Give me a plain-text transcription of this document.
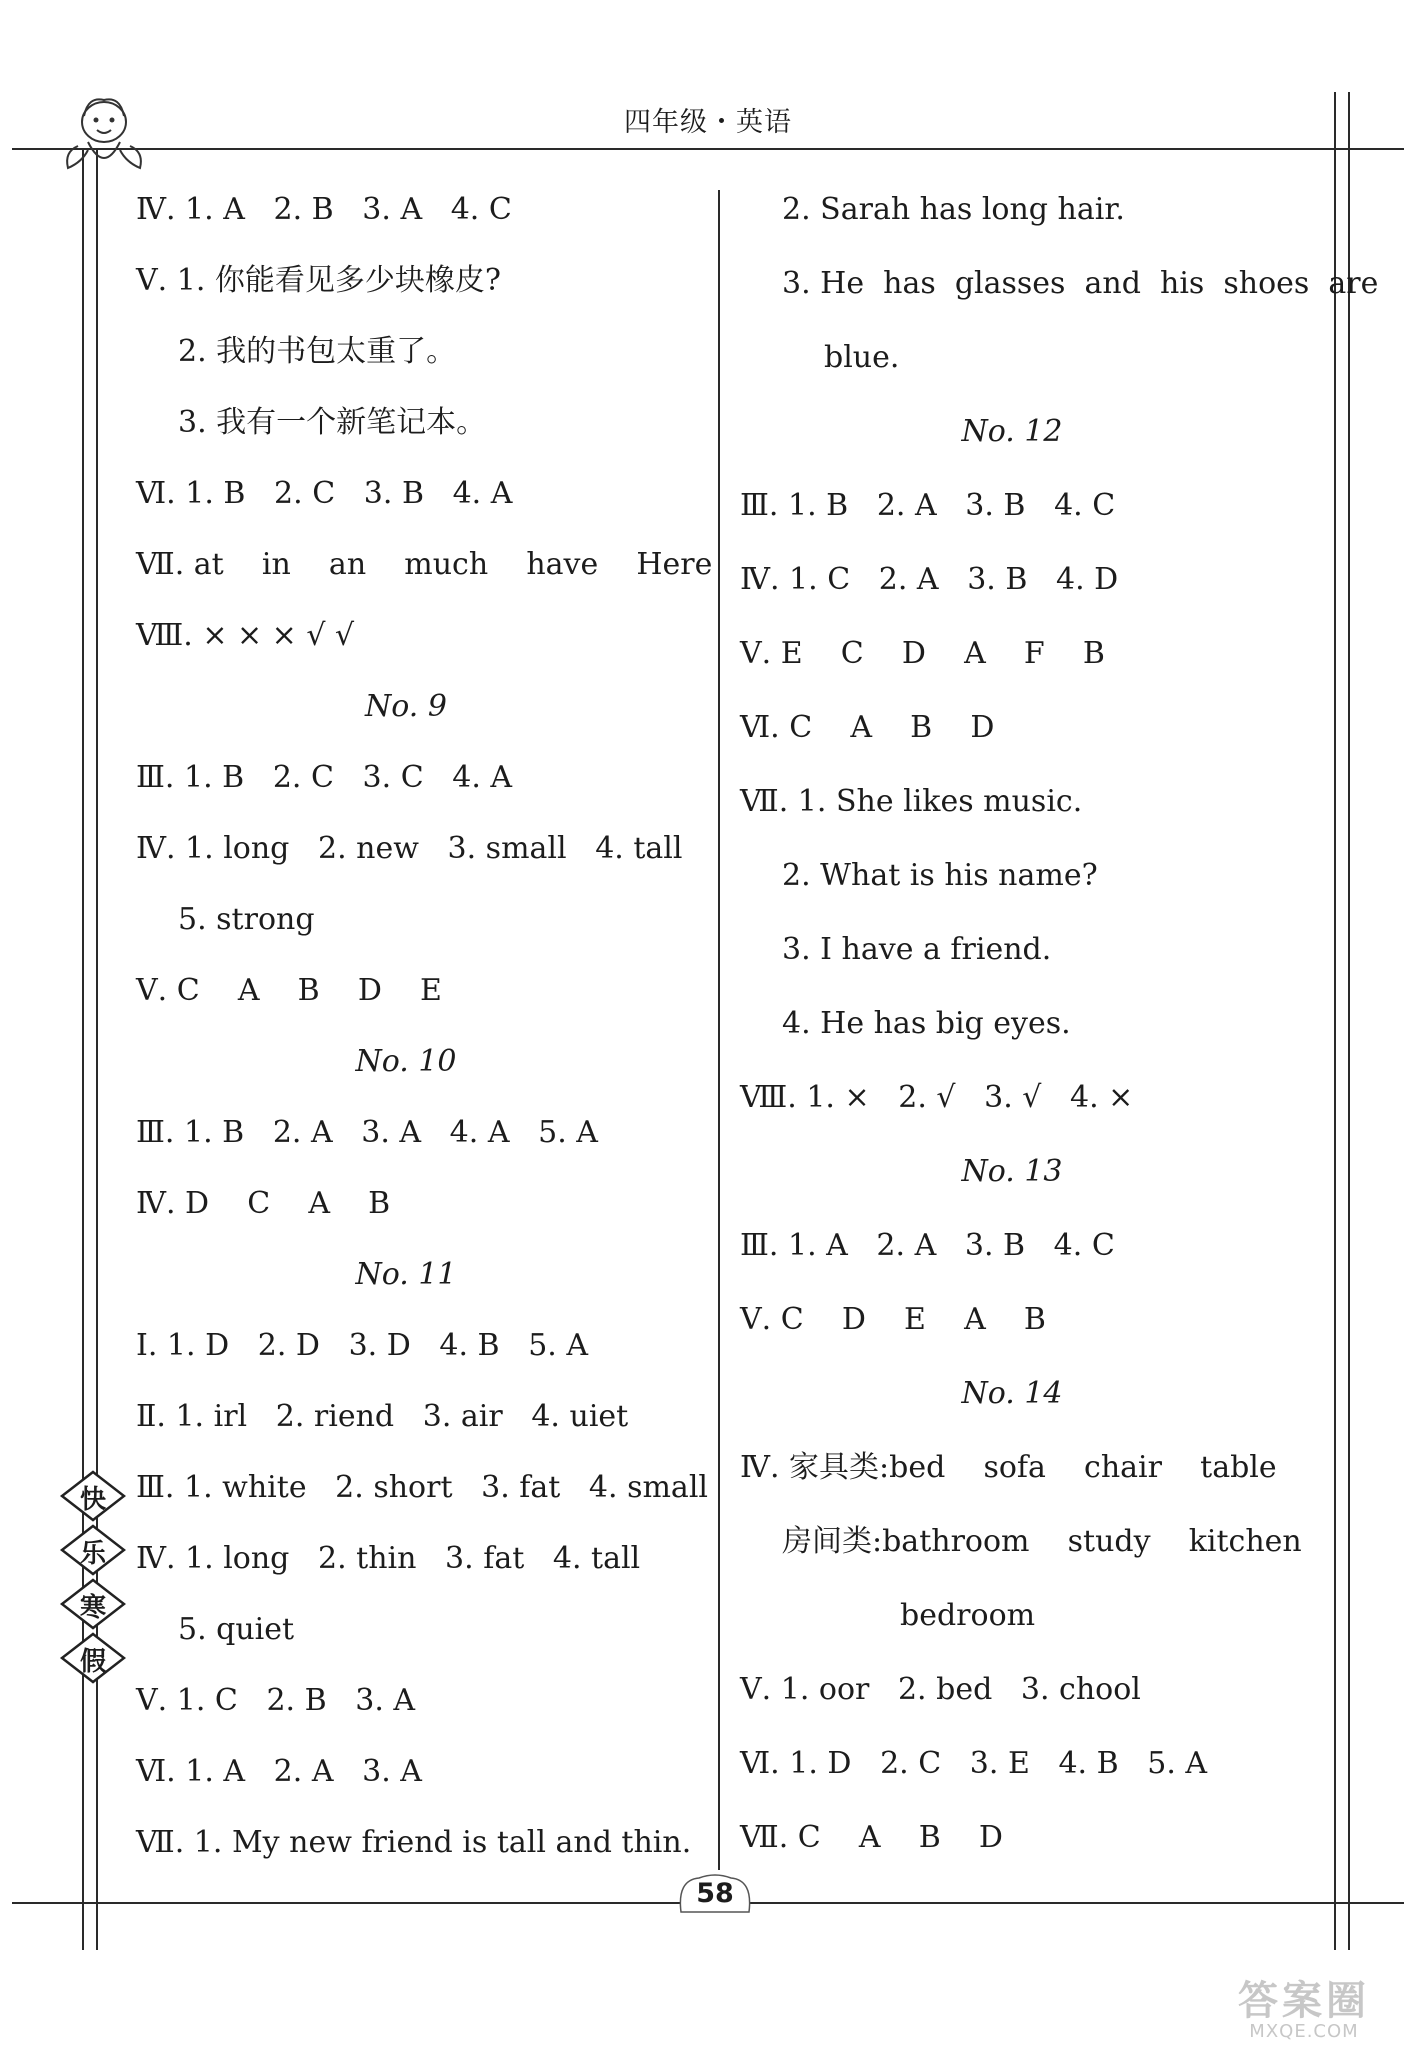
四年级・英语
Ⅳ. 1. A   2. B   3. A   4. C
Ⅴ. 1. 你能看见多少块橡皮?
2. 我的书包太重了。
3. 我有一个新笔记本。
Ⅵ. 1. B   2. C   3. B   4. A
Ⅶ. at    in    an    much    have    Here
Ⅷ. × × × √ √
No. 9
Ⅲ. 1. B   2. C   3. C   4. A
Ⅳ. 1. long   2. new   3. small   4. tall
5. strong
Ⅴ. C    A    B    D    E
No. 10
Ⅲ. 1. B   2. A   3. A   4. A   5. A
Ⅳ. D    C    A    B
No. 11
Ⅰ. 1. D   2. D   3. D   4. B   5. A
Ⅱ. 1. irl   2. riend   3. air   4. uiet
Ⅲ. 1. white   2. short   3. fat   4. small
Ⅳ. 1. long   2. thin   3. fat   4. tall
5. quiet
Ⅴ. 1. C   2. B   3. A
Ⅵ. 1. A   2. A   3. A
Ⅶ. 1. My new friend is tall and thin.
2. Sarah has long hair.
3. He  has  glasses  and  his  shoes  are
blue.
No. 12
Ⅲ. 1. B   2. A   3. B   4. C
Ⅳ. 1. C   2. A   3. B   4. D
Ⅴ. E    C    D    A    F    B
Ⅵ. C    A    B    D
Ⅶ. 1. She likes music.
2. What is his name?
3. I have a friend.
4. He has big eyes.
Ⅷ. 1. ×   2. √   3. √   4. ×
No. 13
Ⅲ. 1. A   2. A   3. B   4. C
Ⅴ. C    D    E    A    B
No. 14
Ⅳ. 家具类:bed    sofa    chair    table
房间类:bathroom    study    kitchen
bedroom
Ⅴ. 1. oor   2. bed   3. chool
Ⅵ. 1. D   2. C   3. E   4. B   5. A
Ⅶ. C    A    B    D
快
乐
寒
假
58
答案圈
MXQE.COM
